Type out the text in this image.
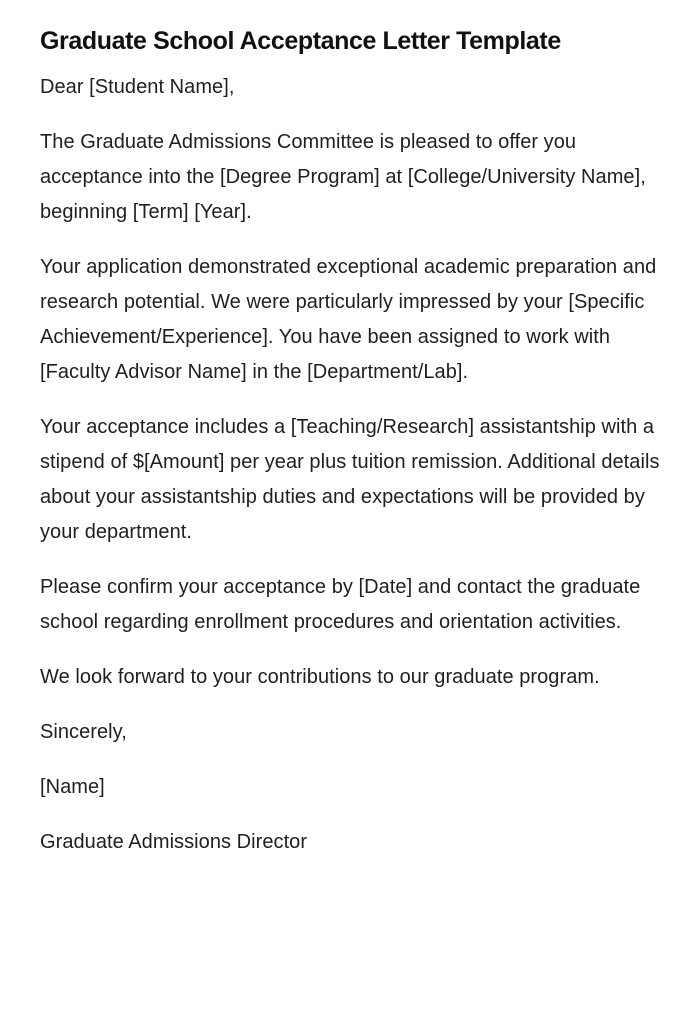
Graduate School Acceptance Letter Template

Dear [Student Name],

The Graduate Admissions Committee is pleased to offer you acceptance into the [Degree Program] at [College/University Name], beginning [Term] [Year].

Your application demonstrated exceptional academic preparation and research potential. We were particularly impressed by your [Specific Achievement/Experience]. You have been assigned to work with [Faculty Advisor Name] in the [Department/Lab].

Your acceptance includes a [Teaching/Research] assistantship with a stipend of $[Amount] per year plus tuition remission. Additional details about your assistantship duties and expectations will be provided by your department.

Please confirm your acceptance by [Date] and contact the graduate school regarding enrollment procedures and orientation activities.

We look forward to your contributions to our graduate program.

Sincerely,

[Name]

Graduate Admissions Director
